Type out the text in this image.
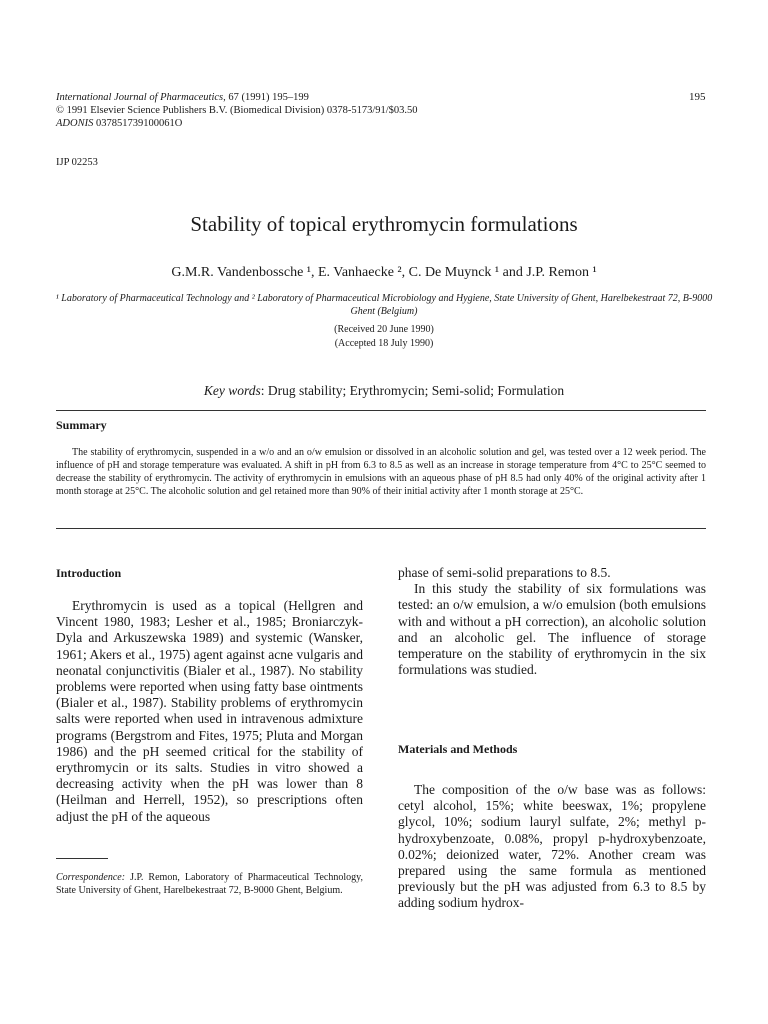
International Journal of Pharmaceutics, 67 (1991) 195–199
© 1991 Elsevier Science Publishers B.V. (Biomedical Division) 0378-5173/91/$03.50
ADONIS 037851739100061O
195
IJP 02253
Stability of topical erythromycin formulations
G.M.R. Vandenbossche ¹, E. Vanhaecke ², C. De Muynck ¹ and J.P. Remon ¹
¹ Laboratory of Pharmaceutical Technology and ² Laboratory of Pharmaceutical Microbiology and Hygiene, State University of Ghent, Harelbekestraat 72, B-9000 Ghent (Belgium)
(Received 20 June 1990)
(Accepted 18 July 1990)
Key words: Drug stability; Erythromycin; Semi-solid; Formulation
Summary
The stability of erythromycin, suspended in a w/o and an o/w emulsion or dissolved in an alcoholic solution and gel, was tested over a 12 week period. The influence of pH and storage temperature was evaluated. A shift in pH from 6.3 to 8.5 as well as an increase in storage temperature from 4°C to 25°C seemed to decrease the stability of erythromycin. The activity of erythromycin in emulsions with an aqueous phase of pH 8.5 had only 40% of the original activity after 1 month storage at 25°C. The alcoholic solution and gel retained more than 90% of their initial activity after 1 month storage at 25°C.
Introduction

Erythromycin is used as a topical (Hellgren and Vincent 1980, 1983; Lesher et al., 1985; Broniarczyk-Dyla and Arkuszewska 1989) and systemic (Wansker, 1961; Akers et al., 1975) agent against acne vulgaris and neonatal conjunctivitis (Bialer et al., 1987). No stability problems were reported when using fatty base ointments (Bialer et al., 1987). Stability problems of erythromycin salts were reported when used in intravenous admixture programs (Bergstrom and Fites, 1975; Pluta and Morgan 1986) and the pH seemed critical for the stability of erythromycin or its salts. Studies in vitro showed a decreasing activity when the pH was lower than 8 (Heilman and Herrell, 1952), so prescriptions often adjust the pH of the aqueous

Correspondence: J.P. Remon, Laboratory of Pharmaceutical Technology, State University of Ghent, Harelbekestraat 72, B-9000 Ghent, Belgium.

phase of semi-solid preparations to 8.5.

In this study the stability of six formulations was tested: an o/w emulsion, a w/o emulsion (both emulsions with and without a pH correction), an alcoholic solution and an alcoholic gel. The influence of storage temperature on the stability of erythromycin in the six formulations was studied.

Materials and Methods

The composition of the o/w base was as follows: cetyl alcohol, 15%; white beeswax, 1%; propylene glycol, 10%; sodium lauryl sulfate, 2%; methyl p-hydroxybenzoate, 0.08%, propyl p-hydroxybenzoate, 0.02%; deionized water, 72%. Another cream was prepared using the same formula as mentioned previously but the pH was adjusted from 6.3 to 8.5 by adding sodium hydrox-
